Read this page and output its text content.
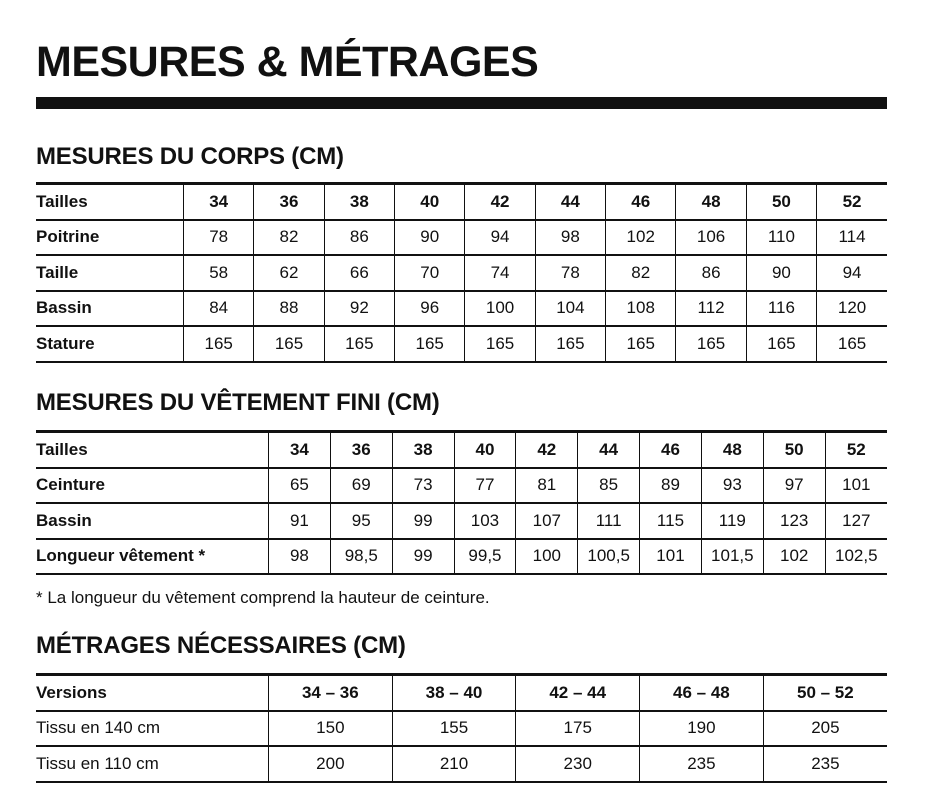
MESURES & MÉTRAGES
MESURES DU CORPS (CM)
Tailles	34	36	38	40	42	44	46	48	50	52
Poitrine	78	82	86	90	94	98	102	106	110	114
Taille	58	62	66	70	74	78	82	86	90	94
Bassin	84	88	92	96	100	104	108	112	116	120
Stature	165	165	165	165	165	165	165	165	165	165
MESURES DU VÊTEMENT FINI (CM)
Tailles	34	36	38	40	42	44	46	48	50	52
Ceinture	65	69	73	77	81	85	89	93	97	101
Bassin	91	95	99	103	107	111	115	119	123	127
Longueur vêtement *	98	98,5	99	99,5	100	100,5	101	101,5	102	102,5

* La longueur du vêtement comprend la hauteur de ceinture.

MÉTRAGES NÉCESSAIRES (CM)
Versions	34 – 36	38 – 40	42 – 44	46 – 48	50 – 52
Tissu en 140 cm	150	155	175	190	205
Tissu en 110 cm	200	210	230	235	235
